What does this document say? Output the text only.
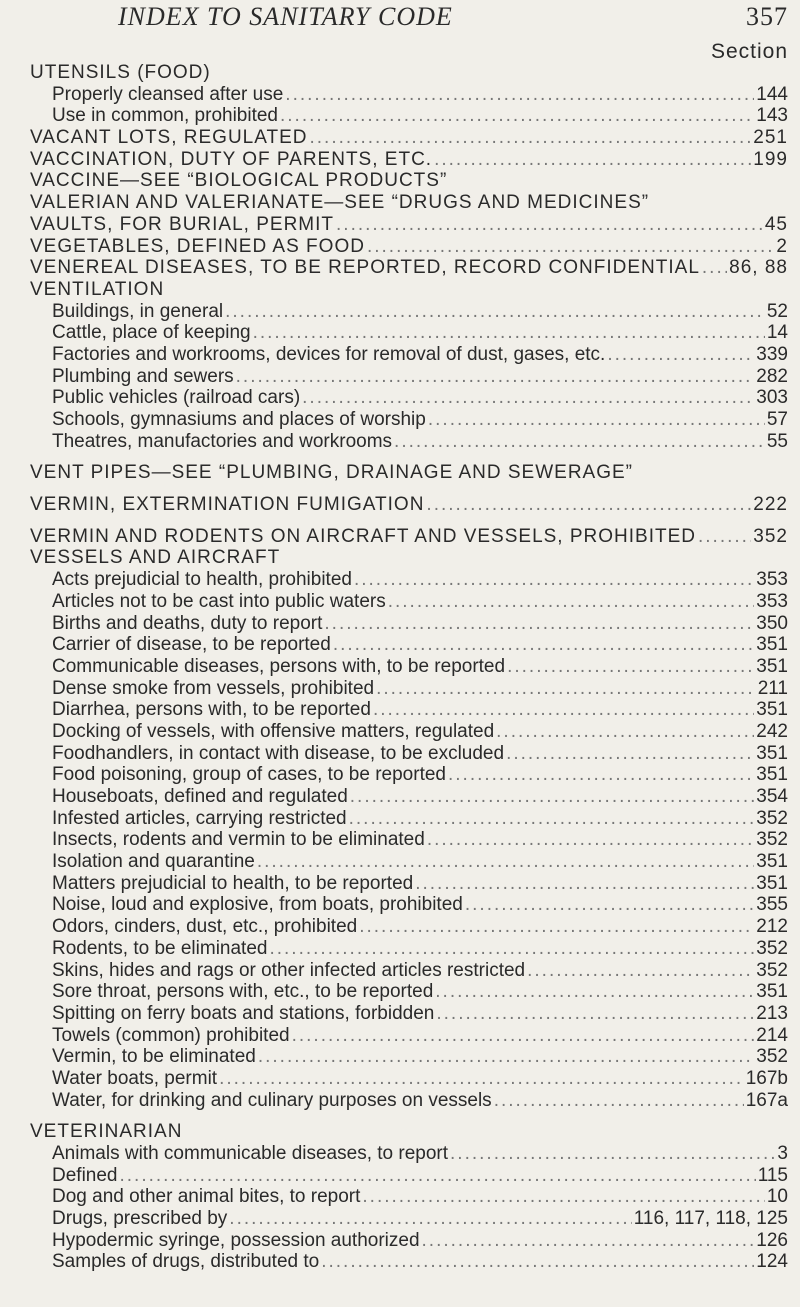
INDEX TO SANITARY CODE	357
Section
UTENSILS (FOOD)
Properly cleansed after use .....	144
Use in common, prohibited .....	143
VACANT LOTS, REGULATED .....	251
VACCINATION, DUTY OF PARENTS, ETC. .....	199
VACCINE—SEE “BIOLOGICAL PRODUCTS”
VALERIAN AND VALERIANATE—SEE “DRUGS AND MEDICINES”
VAULTS, FOR BURIAL, PERMIT .....	45
VEGETABLES, DEFINED AS FOOD .....	2
VENEREAL DISEASES, TO BE REPORTED, RECORD CONFIDENTIAL ..... 86, 88
VENTILATION
Buildings, in general .....	52
Cattle, place of keeping .....	14
Factories and workrooms, devices for removal of dust, gases, etc. .....	339
Plumbing and sewers .....	282
Public vehicles (railroad cars) .....	303
Schools, gymnasiums and places of worship .....	57
Theatres, manufactories and workrooms .....	55
VENT PIPES—SEE “PLUMBING, DRAINAGE AND SEWERAGE”
VERMIN, EXTERMINATION FUMIGATION .....	222
VERMIN AND RODENTS ON AIRCRAFT AND VESSELS, PROHIBITED .....	352
VESSELS AND AIRCRAFT
Acts prejudicial to health, prohibited .....	353
Articles not to be cast into public waters .....	353
Births and deaths, duty to report .....	350
Carrier of disease, to be reported .....	351
Communicable diseases, persons with, to be reported .....	351
Dense smoke from vessels, prohibited .....	211
Diarrhea, persons with, to be reported .....	351
Docking of vessels, with offensive matters, regulated .....	242
Foodhandlers, in contact with disease, to be excluded .....	351
Food poisoning, group of cases, to be reported .....	351
Houseboats, defined and regulated .....	354
Infested articles, carrying restricted .....	352
Insects, rodents and vermin to be eliminated .....	352
Isolation and quarantine .....	351
Matters prejudicial to health, to be reported .....	351
Noise, loud and explosive, from boats, prohibited .....	355
Odors, cinders, dust, etc., prohibited .....	212
Rodents, to be eliminated .....	352
Skins, hides and rags or other infected articles restricted .....	352
Sore throat, persons with, etc., to be reported .....	351
Spitting on ferry boats and stations, forbidden .....	213
Towels (common) prohibited .....	214
Vermin, to be eliminated .....	352
Water boats, permit .....	167b
Water, for drinking and culinary purposes on vessels .....	167a
VETERINARIAN
Animals with communicable diseases, to report .....	3
Defined .....	115
Dog and other animal bites, to report .....	10
Drugs, prescribed by .....	116, 117, 118, 125
Hypodermic syringe, possession authorized .....	126
Samples of drugs, distributed to .....	124
